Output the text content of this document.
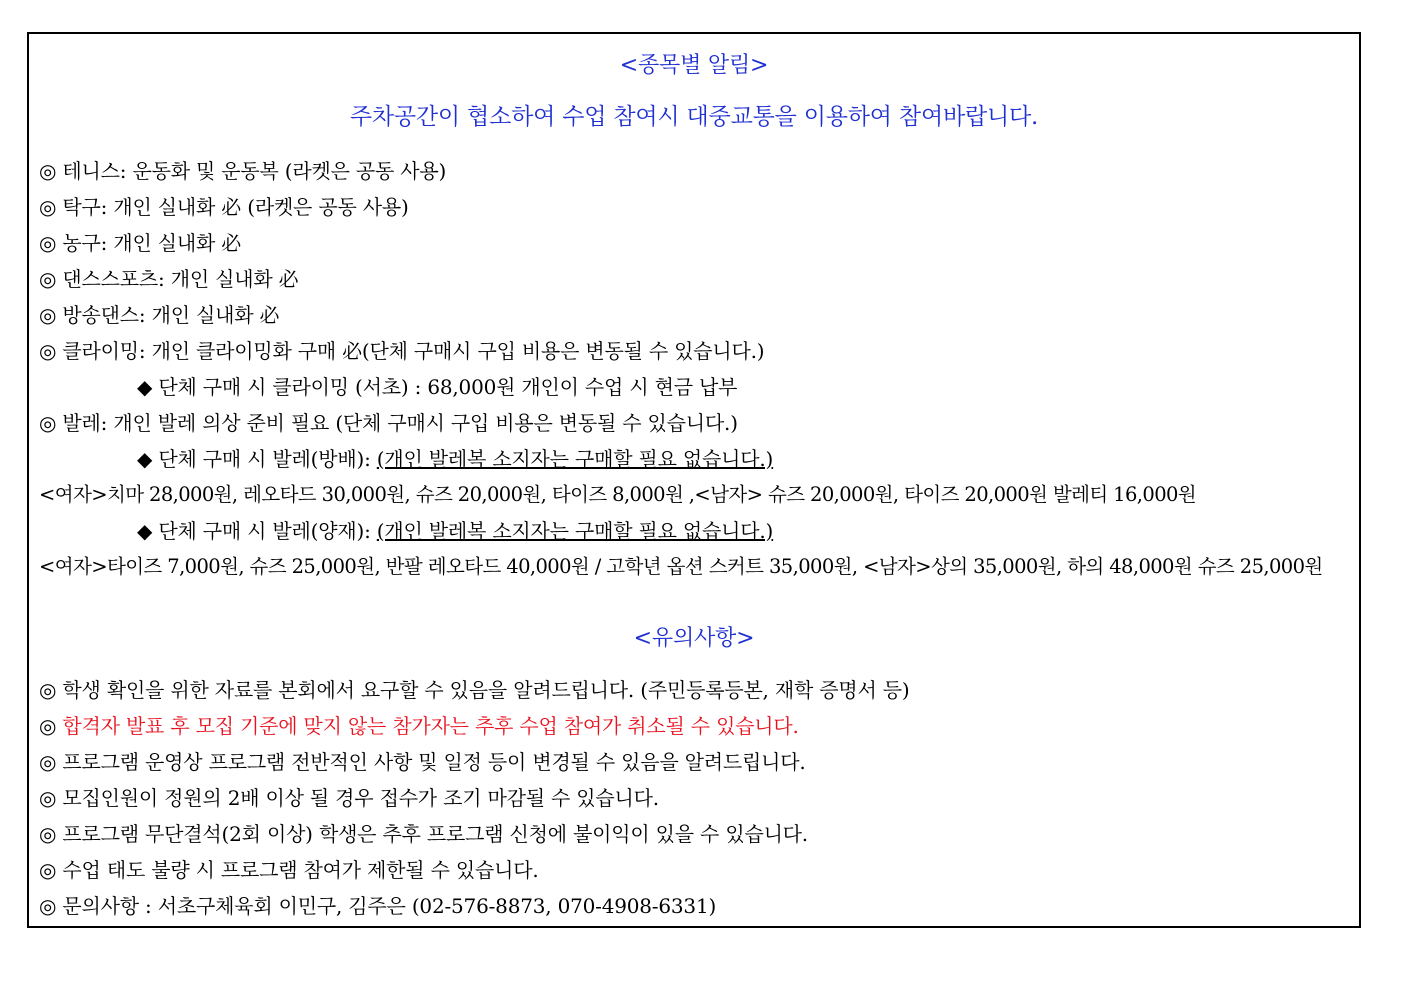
<종목별 알림>
주차공간이 협소하여 수업 참여시 대중교통을 이용하여 참여바랍니다.
◎ 테니스: 운동화 및 운동복 (라켓은 공동 사용)
◎ 탁구: 개인 실내화 必 (라켓은 공동 사용)
◎ 농구: 개인 실내화 必
◎ 댄스스포츠: 개인 실내화 必
◎ 방송댄스: 개인 실내화 必
◎ 클라이밍: 개인 클라이밍화 구매 必(단체 구매시 구입 비용은 변동될 수 있습니다.)
◆ 단체 구매 시 클라이밍 (서초) : 68,000원 개인이 수업 시 현금 납부
◎ 발레: 개인 발레 의상 준비 필요 (단체 구매시 구입 비용은 변동될 수 있습니다.)
◆ 단체 구매 시 발레(방배): (개인 발레복 소지자는 구매할 필요 없습니다.)
<여자>치마 28,000원, 레오타드 30,000원, 슈즈 20,000원, 타이즈 8,000원 ,<남자> 슈즈 20,000원, 타이즈 20,000원 발레티 16,000원
◆ 단체 구매 시 발레(양재): (개인 발레복 소지자는 구매할 필요 없습니다.)
<여자>타이즈 7,000원, 슈즈 25,000원, 반팔 레오타드 40,000원 / 고학년 옵션 스커트 35,000원, <남자>상의 35,000원, 하의 48,000원 슈즈 25,000원
<유의사항>
◎ 학생 확인을 위한 자료를 본회에서 요구할 수 있음을 알려드립니다. (주민등록등본, 재학 증명서 등)
◎ 합격자 발표 후 모집 기준에 맞지 않는 참가자는 추후 수업 참여가 취소될 수 있습니다.
◎ 프로그램 운영상 프로그램 전반적인 사항 및 일정 등이 변경될 수 있음을 알려드립니다.
◎ 모집인원이 정원의 2배 이상 될 경우 접수가 조기 마감될 수 있습니다.
◎ 프로그램 무단결석(2회 이상) 학생은 추후 프로그램 신청에 불이익이 있을 수 있습니다.
◎ 수업 태도 불량 시 프로그램 참여가 제한될 수 있습니다.
◎ 문의사항 : 서초구체육회 이민구, 김주은 (02-576-8873, 070-4908-6331)
